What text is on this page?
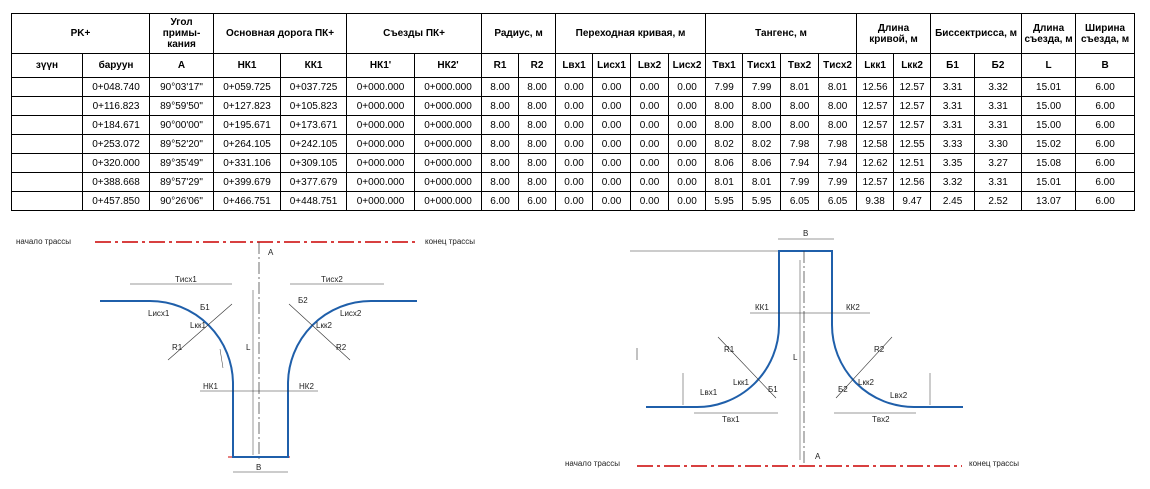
PK+		Угол примы-кания	Основная дорога ПК+		Съезды ПК+		Радиус, м		Переходная кривая, м				Тангенс, м				Длина кривой, м		Биссектрисса, м		Длина съезда, м	Ширина съезда, м
зүүн	баруун	A	НК1	КК1	НК1'	НК2'	R1	R2	Lвх1	Lисх1	Lвх2	Lисх2	Tвх1	Tисх1	Tвх2	Tисх2	Lкк1	Lкк2	Б1	Б2	L	B
	0+048.740	90°03'17"	0+059.725	0+037.725	0+000.000	0+000.000	8.00	8.00	0.00	0.00	0.00	0.00	7.99	7.99	8.01	8.01	12.56	12.57	3.31	3.32	15.01	6.00
	0+116.823	89°59'50"	0+127.823	0+105.823	0+000.000	0+000.000	8.00	8.00	0.00	0.00	0.00	0.00	8.00	8.00	8.00	8.00	12.57	12.57	3.31	3.31	15.00	6.00
	0+184.671	90°00'00"	0+195.671	0+173.671	0+000.000	0+000.000	8.00	8.00	0.00	0.00	0.00	0.00	8.00	8.00	8.00	8.00	12.57	12.57	3.31	3.31	15.00	6.00
	0+253.072	89°52'20"	0+264.105	0+242.105	0+000.000	0+000.000	8.00	8.00	0.00	0.00	0.00	0.00	8.02	8.02	7.98	7.98	12.58	12.55	3.33	3.30	15.02	6.00
	0+320.000	89°35'49"	0+331.106	0+309.105	0+000.000	0+000.000	8.00	8.00	0.00	0.00	0.00	0.00	8.06	8.06	7.94	7.94	12.62	12.51	3.35	3.27	15.08	6.00
	0+388.668	89°57'29"	0+399.679	0+377.679	0+000.000	0+000.000	8.00	8.00	0.00	0.00	0.00	0.00	8.01	8.01	7.99	7.99	12.57	12.56	3.32	3.31	15.01	6.00
	0+457.850	90°26'06"	0+466.751	0+448.751	0+000.000	0+000.000	6.00	6.00	0.00	0.00	0.00	0.00	5.95	5.95	6.05	6.05	9.38	9.47	2.45	2.52	13.07	6.00
начало трассы	конец трассы
A
Tисх1	Tисх2
R1	R2
Lисх1	Lисх2
Б1
Б2
Lкк1	Lкк2
L
НК1	НК2
B
B
начало трассы	конец трассы
A
КК1	КК2
L
R1	R2
Lкк1	Lкк2
Б1	Б2
Lвх1	Lвх2
Tвх1	Tвх2
